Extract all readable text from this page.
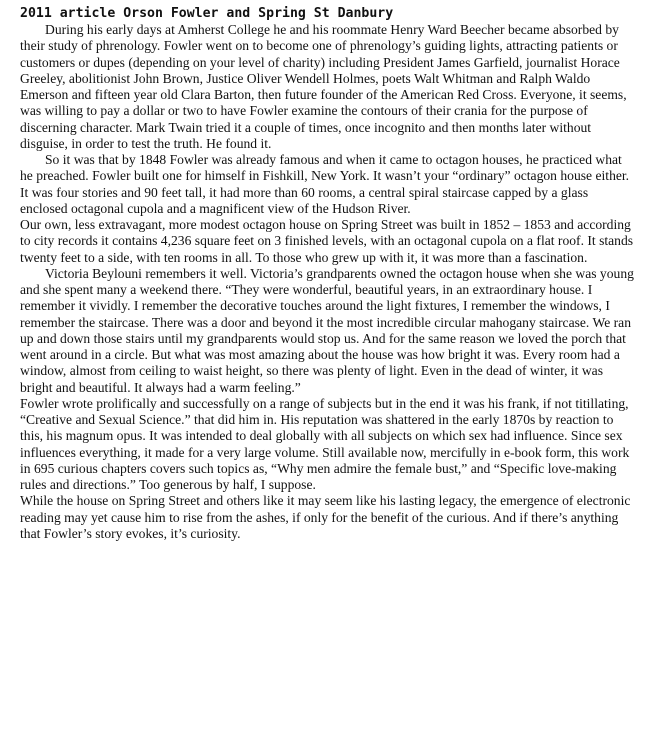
2011 article Orson Fowler and Spring St Danbury

During his early days at Amherst College he and his roommate Henry Ward Beecher became absorbed by their study of phrenology. Fowler went on to become one of phrenology’s guiding lights, attracting patients or customers or dupes (depending on your level of charity) including President James Garfield, journalist Horace Greeley, abolitionist John Brown, Justice Oliver Wendell Holmes, poets Walt Whitman and Ralph Waldo Emerson and fifteen year old Clara Barton, then future founder of the American Red Cross. Everyone, it seems, was willing to pay a dollar or two to have Fowler examine the contours of their crania for the purpose of discerning character. Mark Twain tried it a couple of times, once incognito and then months later without disguise, in order to test the truth. He found it.

So it was that by 1848 Fowler was already famous and when it came to octagon houses, he practiced what he preached. Fowler built one for himself in Fishkill, New York. It wasn’t your “ordinary” octagon house either. It was four stories and 90 feet tall, it had more than 60 rooms, a central spiral staircase capped by a glass enclosed octagonal cupola and a magnificent view of the Hudson River.

Our own, less extravagant, more modest octagon house on Spring Street was built in 1852 – 1853 and according to city records it contains 4,236 square feet on 3 finished levels, with an octagonal cupola on a flat roof. It stands twenty feet to a side, with ten rooms in all. To those who grew up with it, it was more than a fascination.

Victoria Beylouni remembers it well. Victoria’s grandparents owned the octagon house when she was young and she spent many a weekend there. “They were wonderful, beautiful years, in an extraordinary house. I remember it vividly. I remember the decorative touches around the light fixtures, I remember the windows, I remember the staircase. There was a door and beyond it the most incredible circular mahogany staircase. We ran up and down those stairs until my grandparents would stop us. And for the same reason we loved the porch that went around in a circle. But what was most amazing about the house was how bright it was. Every room had a window, almost from ceiling to waist height, so there was plenty of light. Even in the dead of winter, it was bright and beautiful. It always had a warm feeling.”

Fowler wrote prolifically and successfully on a range of subjects but in the end it was his frank, if not titillating, “Creative and Sexual Science.” that did him in. His reputation was shattered in the early 1870s by reaction to this, his magnum opus. It was intended to deal globally with all subjects on which sex had influence. Since sex influences everything, it made for a very large volume. Still available now, mercifully in e-book form, this work in 695 curious chapters covers such topics as, “Why men admire the female bust,” and “Specific love-making rules and directions.” Too generous by half, I suppose.

While the house on Spring Street and others like it may seem like his lasting legacy, the emergence of electronic reading may yet cause him to rise from the ashes, if only for the benefit of the curious. And if there’s anything that Fowler’s story evokes, it’s curiosity.
